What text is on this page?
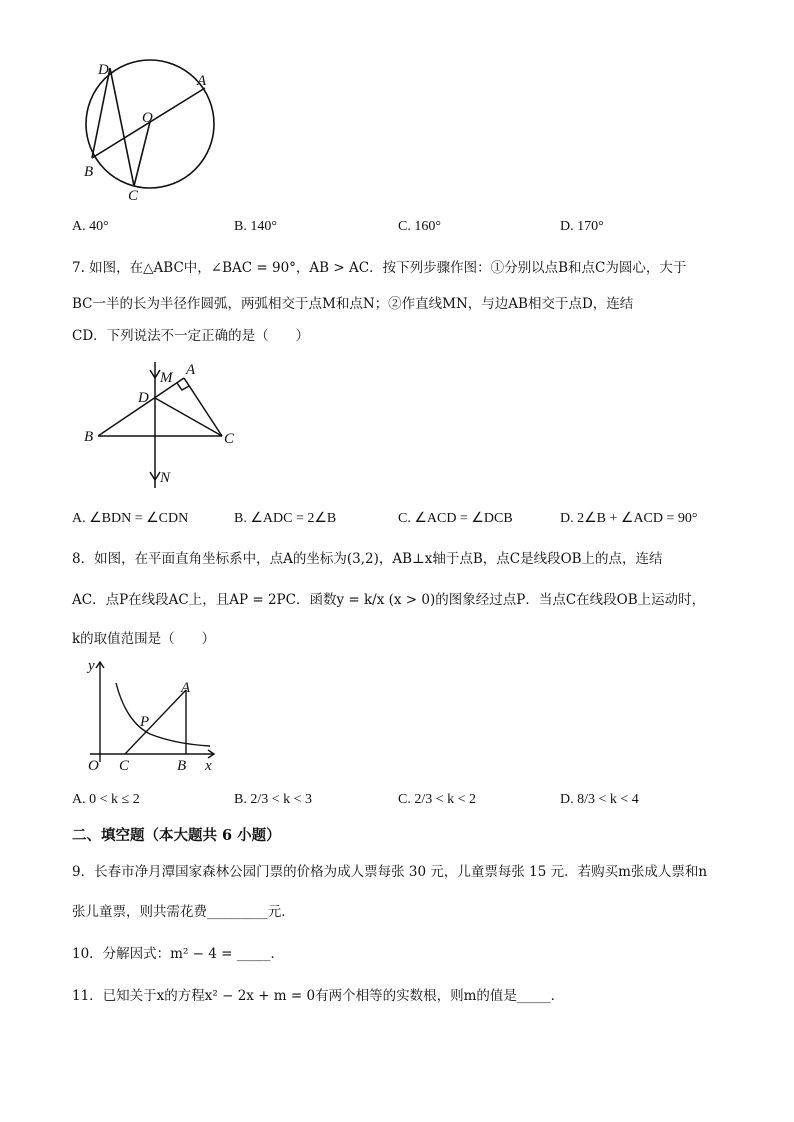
D
A
O
B
C
M A
D
B	C
N
y
A
P
O C	B x
A. 40°	B. 140°	C. 160°	D. 170°
7. 如图，在△ABC中，∠BAC = 90°，AB > AC．按下列步骤作图：①分别以点B和点C为圆心，大于
BC一半的长为半径作圆弧，两弧相交于点M和点N；②作直线MN，与边AB相交于点D，连结
CD．下列说法不一定正确的是（　　）
A. ∠BDN = ∠CDN	B. ∠ADC = 2∠B	C. ∠ACD = ∠DCB	D. 2∠B + ∠ACD = 90°
8．如图，在平面直角坐标系中，点A的坐标为(3,2)，AB⊥x轴于点B，点C是线段OB上的点，连结
AC．点P在线段AC上，且AP = 2PC．函数y = k/x (x > 0)的图象经过点P．当点C在线段OB上运动时，
k的取值范围是（　　）
A. 0 < k ≤ 2	B. 2/3 < k < 3	C. 2/3 < k < 2	D. 8/3 < k < 4
二、填空题（本大题共 6 小题）
9．长春市净月潭国家森林公园门票的价格为成人票每张 30 元，儿童票每张 15 元．若购买m张成人票和n
张儿童票，则共需花费_________元．
10．分解因式：m² − 4 = _____．
11．已知关于x的方程x² − 2x + m = 0有两个相等的实数根，则m的值是_____．
